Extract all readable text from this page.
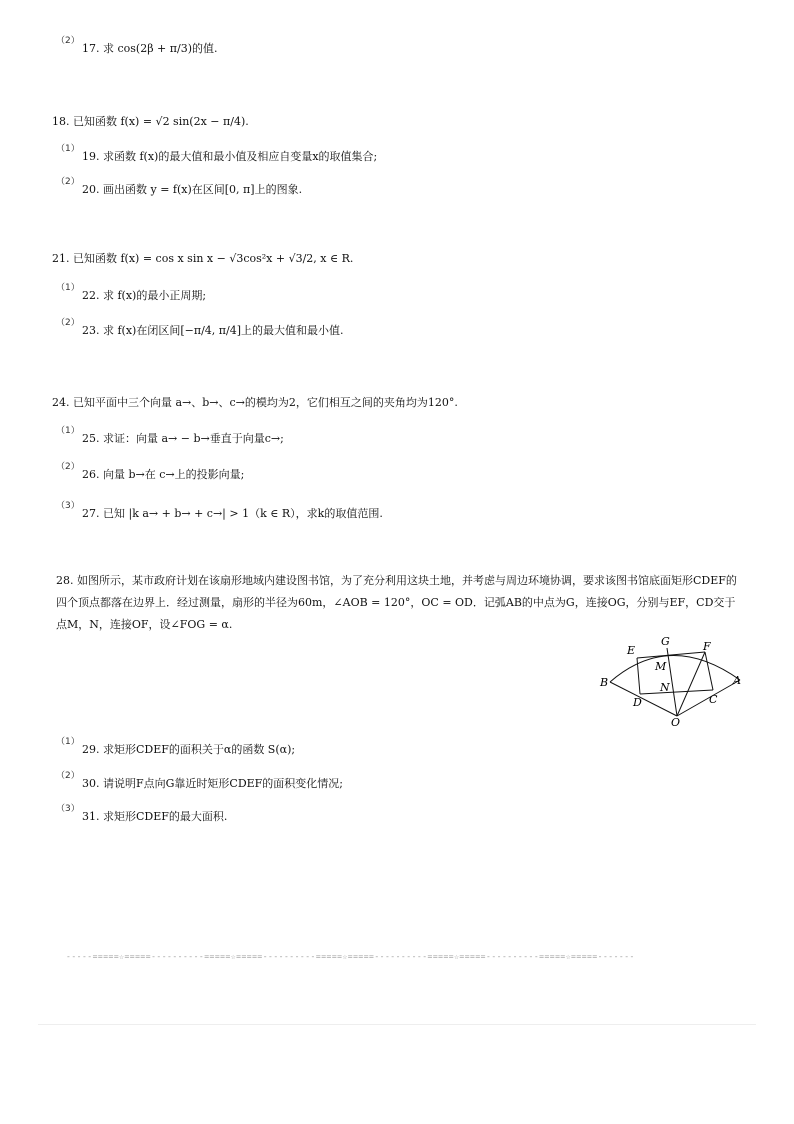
（2）
17. 求 cos(2β + π/3)的值.
18. 已知函数 f(x) = √2 sin(2x − π/4).
（1）
19. 求函数 f(x)的最大值和最小值及相应自变量x的取值集合;
（2）
20. 画出函数 y = f(x)在区间[0, π]上的图象.
21. 已知函数 f(x) = cos x sin x − √3cos²x + √3/2, x ∈ R.
（1）
22. 求 f(x)的最小正周期;
（2）
23. 求 f(x)在闭区间[−π/4, π/4]上的最大值和最小值.
24. 已知平面中三个向量 a→、b→、c→的模均为2，它们相互之间的夹角均为120°.
（1）
25. 求证：向量 a→ − b→垂直于向量c→;
（2）
26. 向量 b→在 c→上的投影向量;
（3）
27. 已知 |k a→ + b→ + c→| > 1（k ∈ R），求k的取值范围.
（1）
29. 求矩形CDEF的面积关于α的函数 S(α);
（2）
30. 请说明F点向G靠近时矩形CDEF的面积变化情况;
（3）
31. 求矩形CDEF的最大面积.
28. 如图所示，某市政府计划在该扇形地域内建设图书馆，为了充分利用这块土地，并考虑与周边环境协调，要求该图书馆底面矩形CDEF的四个顶点都落在边界上．经过测量，扇形的半径为60m，∠AOB = 120°，OC = OD．记弧AB的中点为G，连接OG，分别与EF，CD交于点M，N，连接OF，设∠FOG = α.
E
G	F
M
B	N
A
D	C
O
-----=====☆=====----------=====☆=====----------=====☆=====----------=====☆=====----------=====☆=====-------
